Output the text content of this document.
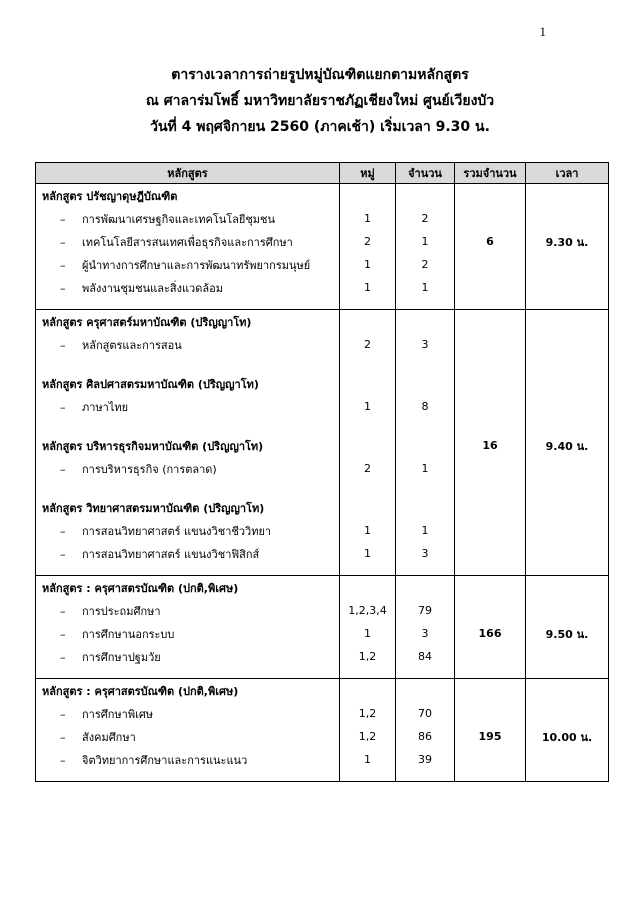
1
ตารางเวลาการถ่ายรูปหมู่บัณฑิตแยกตามหลักสูตร
ณ ศาลาร่มโพธิ์ มหาวิทยาลัยราชภัฏเชียงใหม่ ศูนย์เวียงบัว
วันที่ 4 พฤศจิกายน 2560 (ภาคเช้า) เริ่มเวลา 9.30 น.
หลักสูตร	หมู่	จำนวน	รวมจำนวน	เวลา
หลักสูตร ปรัชญาดุษฎีบัณฑิต				
– การพัฒนาเศรษฐกิจและเทคโนโลยีชุมชน	1	2		
– เทคโนโลยีสารสนเทศเพื่อธุรกิจและการศึกษา	2	1	6	9.30 น.
– ผู้นำทางการศึกษาและการพัฒนาทรัพยากรมนุษย์	1	2		
– พลังงานชุมชนและสิ่งแวดล้อม	1	1		

หลักสูตร ครุศาสตร์มหาบัณฑิต (ปริญญาโท)				
– หลักสูตรและการสอน	2	3		

หลักสูตร ศิลปศาสตรมหาบัณฑิต (ปริญญาโท)				
– ภาษาไทย	1	8		

หลักสูตร บริหารธุรกิจมหาบัณฑิต (ปริญญาโท)			16	9.40 น.
– การบริหารธุรกิจ (การตลาด)	2	1		

หลักสูตร วิทยาศาสตรมหาบัณฑิต (ปริญญาโท)				
– การสอนวิทยาศาสตร์ แขนงวิชาชีววิทยา	1	1		
– การสอนวิทยาศาสตร์ แขนงวิชาฟิสิกส์	1	3		

หลักสูตร : ครุศาสตรบัณฑิต (ปกติ,พิเศษ)				
– การประถมศึกษา	1,2,3,4	79		
– การศึกษานอกระบบ	1	3	166	9.50 น.
– การศึกษาปฐมวัย	1,2	84		

หลักสูตร : ครุศาสตรบัณฑิต (ปกติ,พิเศษ)				
– การศึกษาพิเศษ	1,2	70		
– สังคมศึกษา	1,2	86	195	10.00 น.
– จิตวิทยาการศึกษาและการแนะแนว	1	39		
